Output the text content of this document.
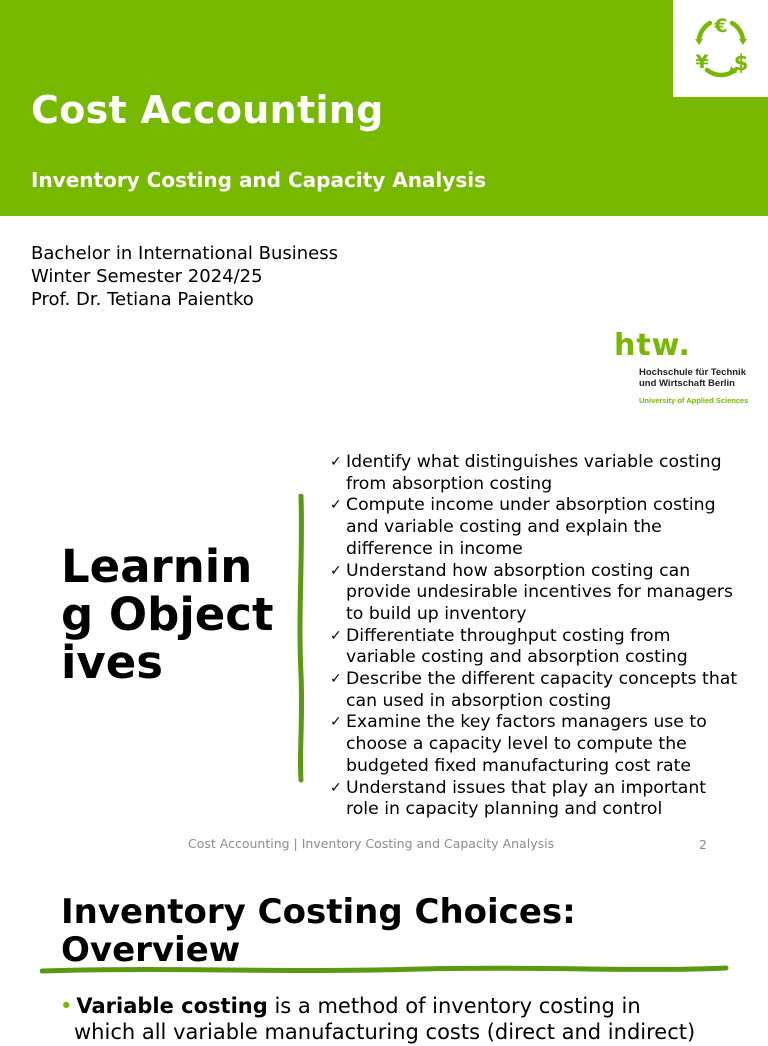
Cost Accounting
Inventory Costing and Capacity Analysis
€
¥ $
Bachelor in International Business
Winter Semester 2024/25
Prof. Dr. Tetiana Paientko
htw.
Hochschule für Technik
und Wirtschaft Berlin
University of Applied Sciences
Learning Objectives
✓ Identify what distinguishes variable costing from absorption costing
✓ Compute income under absorption costing and variable costing and explain the difference in income
✓ Understand how absorption costing can provide undesirable incentives for managers to build up inventory
✓ Differentiate throughput costing from variable costing and absorption costing
✓ Describe the different capacity concepts that can used in absorption costing
✓ Examine the key factors managers use to choose a capacity level to compute the budgeted fixed manufacturing cost rate
✓ Understand issues that play an important role in capacity planning and control
Cost Accounting | Inventory Costing and Capacity Analysis	2
Inventory Costing Choices: Overview
• Variable costing is a method of inventory costing in
which all variable manufacturing costs (direct and indirect)
